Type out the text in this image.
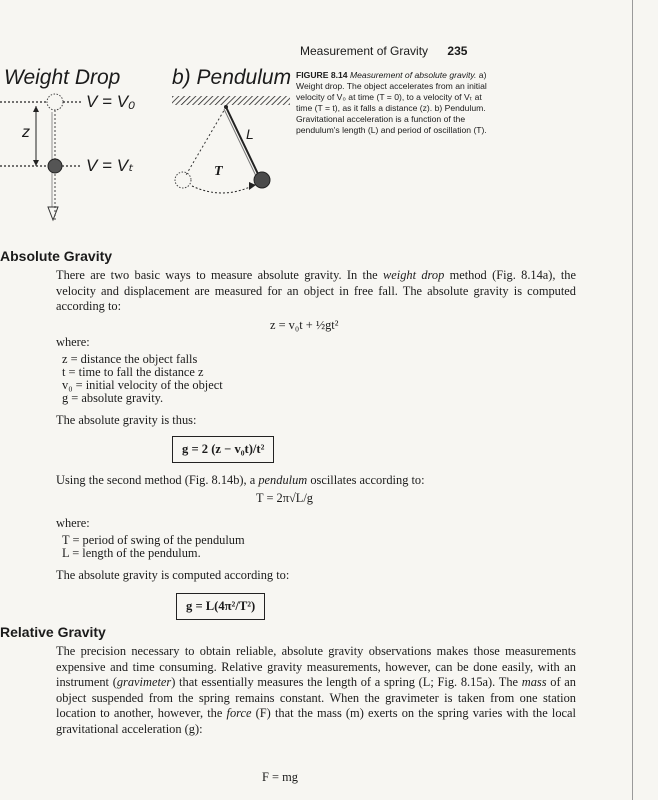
Measurement of Gravity 235
Weight Drop b) Pendulum
V = V₀
V = Vₜ
z	L
T
FIGURE 8.14 Measurement of absolute gravity. a) Weight drop. The object accelerates from an initial velocity of V₀ at time (T = 0), to a velocity of Vₜ at time (T = t), as it falls a distance (z). b) Pendulum. Gravitational acceleration is a function of the pendulum's length (L) and period of oscillation (T).
Absolute Gravity
There are two basic ways to measure absolute gravity. In the weight drop method (Fig. 8.14a), the velocity and displacement are measured for an object in free fall. The absolute gravity is computed according to:
z = v₀t + ½gt²
where:
z = distance the object falls
t = time to fall the distance z
v₀ = initial velocity of the object
g = absolute gravity.
The absolute gravity is thus:
g = 2 (z − v₀t)/t²
Using the second method (Fig. 8.14b), a pendulum oscillates according to:
T = 2π√L/g
where:
T = period of swing of the pendulum
L = length of the pendulum.
The absolute gravity is computed according to:
g = L(4π²/T²)
Relative Gravity
The precision necessary to obtain reliable, absolute gravity observations makes those measurements expensive and time consuming. Relative gravity measurements, however, can be done easily, with an instrument (gravimeter) that essentially measures the length of a spring (L; Fig. 8.15a). The mass of an object suspended from the spring remains constant. When the gravimeter is taken from one station location to another, however, the force (F) that the mass (m) exerts on the spring varies with the local gravitational acceleration (g):
F = mg
